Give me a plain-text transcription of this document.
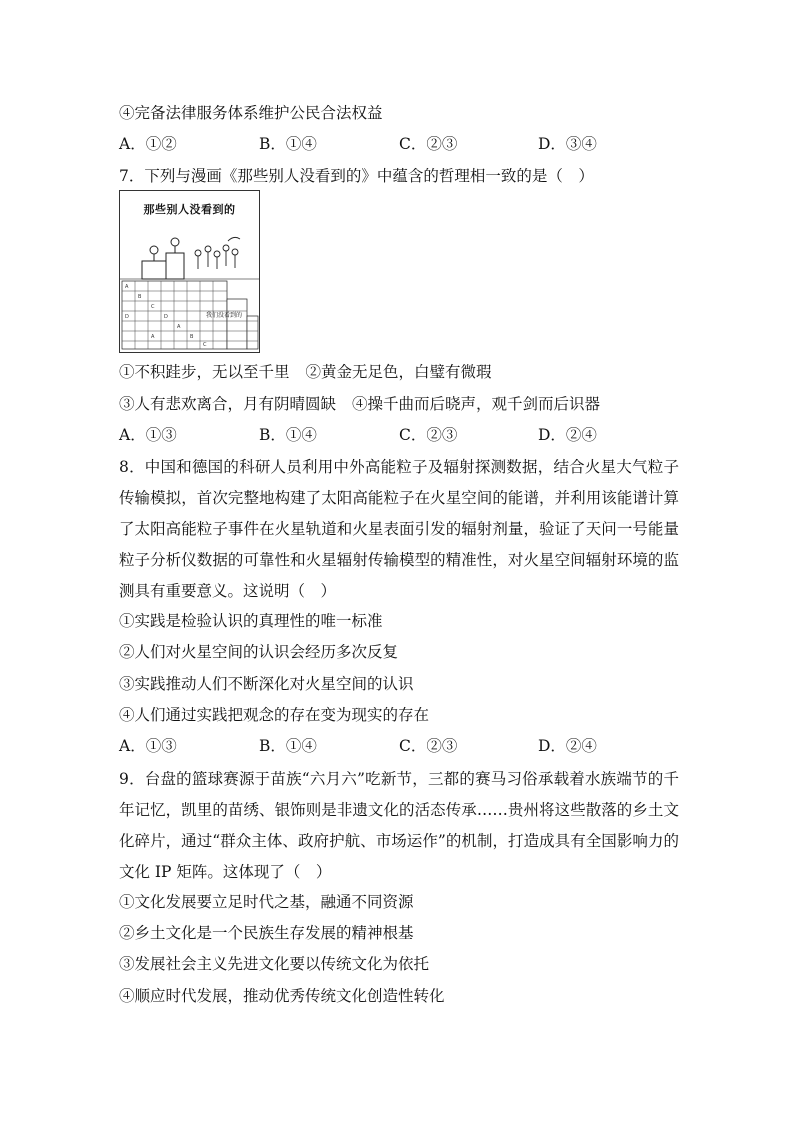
④完备法律服务体系维护公民合法权益
A．①②	B．①④	C．②③	D．③④
7．下列与漫画《那些别人没看到的》中蕴含的哲理相一致的是（　）
那些别人没看到的
A
B
C
D
A
B
C
D
A
我们没看到的
①不积跬步，无以至千里 ②黄金无足色，白璧有微瑕
③人有悲欢离合，月有阴晴圆缺 ④操千曲而后晓声，观千剑而后识器
A．①③	B．①④	C．②③	D．②④
8．中国和德国的科研人员利用中外高能粒子及辐射探测数据，结合火星大气粒子传输模拟，首次完整地构建了太阳高能粒子在火星空间的能谱，并利用该能谱计算了太阳高能粒子事件在火星轨道和火星表面引发的辐射剂量，验证了天问一号能量粒子分析仪数据的可靠性和火星辐射传输模型的精准性，对火星空间辐射环境的监测具有重要意义。这说明（　）
①实践是检验认识的真理性的唯一标准
②人们对火星空间的认识会经历多次反复
③实践推动人们不断深化对火星空间的认识
④人们通过实践把观念的存在变为现实的存在
A．①③	B．①④	C．②③	D．②④
9．台盘的篮球赛源于苗族“六月六”吃新节，三都的赛马习俗承载着水族端节的千年记忆，凯里的苗绣、银饰则是非遗文化的活态传承……贵州将这些散落的乡土文化碎片，通过“群众主体、政府护航、市场运作”的机制，打造成具有全国影响力的文化 IP 矩阵。这体现了（　）
①文化发展要立足时代之基，融通不同资源
②乡土文化是一个民族生存发展的精神根基
③发展社会主义先进文化要以传统文化为依托
④顺应时代发展，推动优秀传统文化创造性转化
